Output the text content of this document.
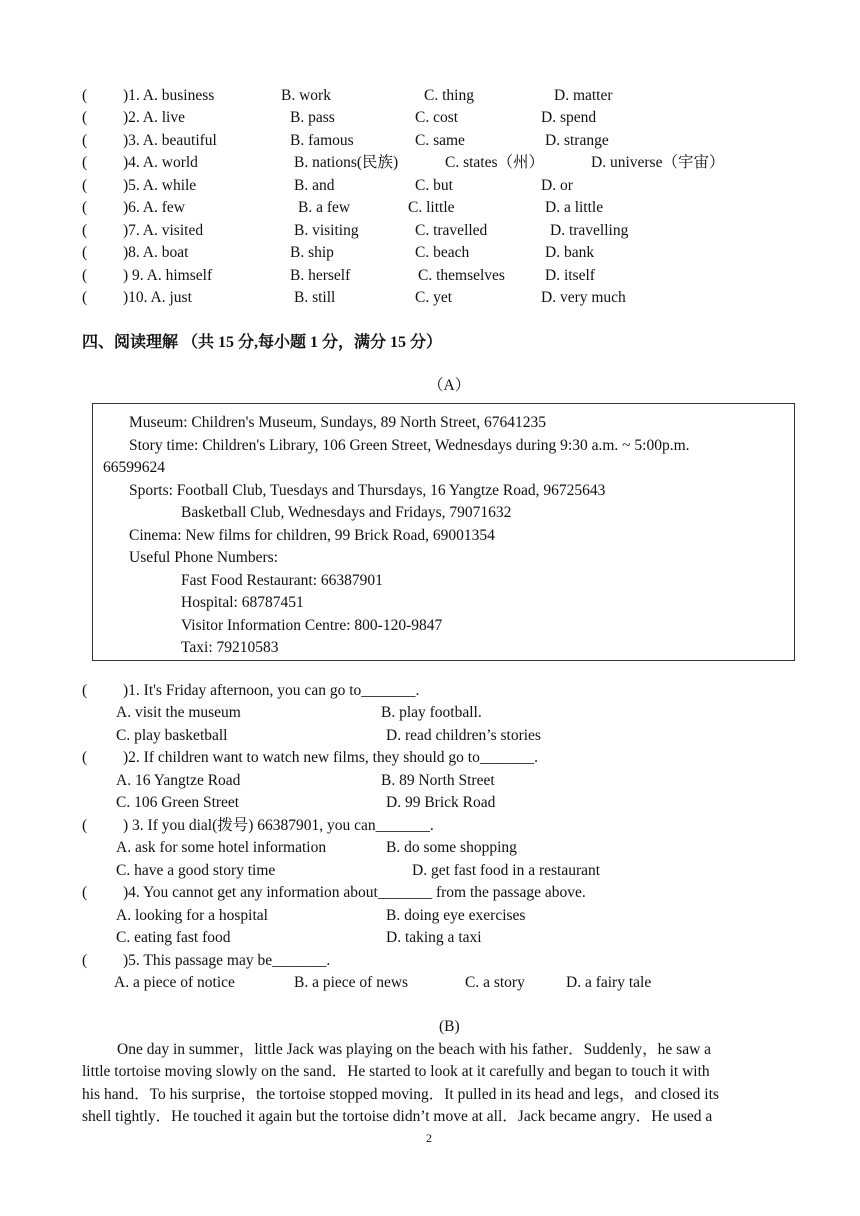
( )1. A. business	B. work	C. thing	D. matter
( )2. A. live	B. pass	C. cost	D. spend
( )3. A. beautiful	B. famous	C. same	D. strange
( )4. A. world	B. nations(民族)	C. states（州）	D. universe（宇宙）
( )5. A. while	B. and	C. but	D. or
( )6. A. few	B. a few	C. little	D. a little
( )7. A. visited	B. visiting	C. travelled	D. travelling
( )8. A. boat	B. ship	C. beach	D. bank
( ) 9. A. himself	B. herself	C. themselves	D. itself
( )10. A. just	B. still	C. yet	D. very much
四、阅读理解 （共 15 分,每小题 1 分，满分 15 分）
（A）
Museum: Children's Museum, Sundays, 89 North Street, 67641235
Story time: Children's Library, 106 Green Street, Wednesdays during 9:30 a.m. ~ 5:00p.m.
66599624
Sports: Football Club, Tuesdays and Thursdays, 16 Yangtze Road, 96725643
Basketball Club, Wednesdays and Fridays, 79071632
Cinema: New films for children, 99 Brick Road, 69001354
Useful Phone Numbers:
Fast Food Restaurant: 66387901
Hospital: 68787451
Visitor Information Centre: 800-120-9847
Taxi: 79210583
( )1. It's Friday afternoon, you can go to_______.
A. visit the museum	B. play football.
C. play basketball	D. read children’s stories
( )2. If children want to watch new films, they should go to_______.
A. 16 Yangtze Road	B. 89 North Street
C. 106 Green Street	D. 99 Brick Road
( ) 3. If you dial(拨号) 66387901, you can_______.
A. ask for some hotel information	B. do some shopping
C. have a good story time	D. get fast food in a restaurant
( )4. You cannot get any information about_______ from the passage above.
A. looking for a hospital	B. doing eye exercises
C. eating fast food	D. taking a taxi
( )5. This passage may be_______.
A. a piece of notice	B. a piece of news	C. a story	D. a fairy tale
(B)
One day in summer，little Jack was playing on the beach with his father．Suddenly，he saw a
little tortoise moving slowly on the sand．He started to look at it carefully and began to touch it with
his hand．To his surprise，the tortoise stopped moving．It pulled in its head and legs，and closed its
shell tightly．He touched it again but the tortoise didn’t move at all．Jack became angry．He used a
2
